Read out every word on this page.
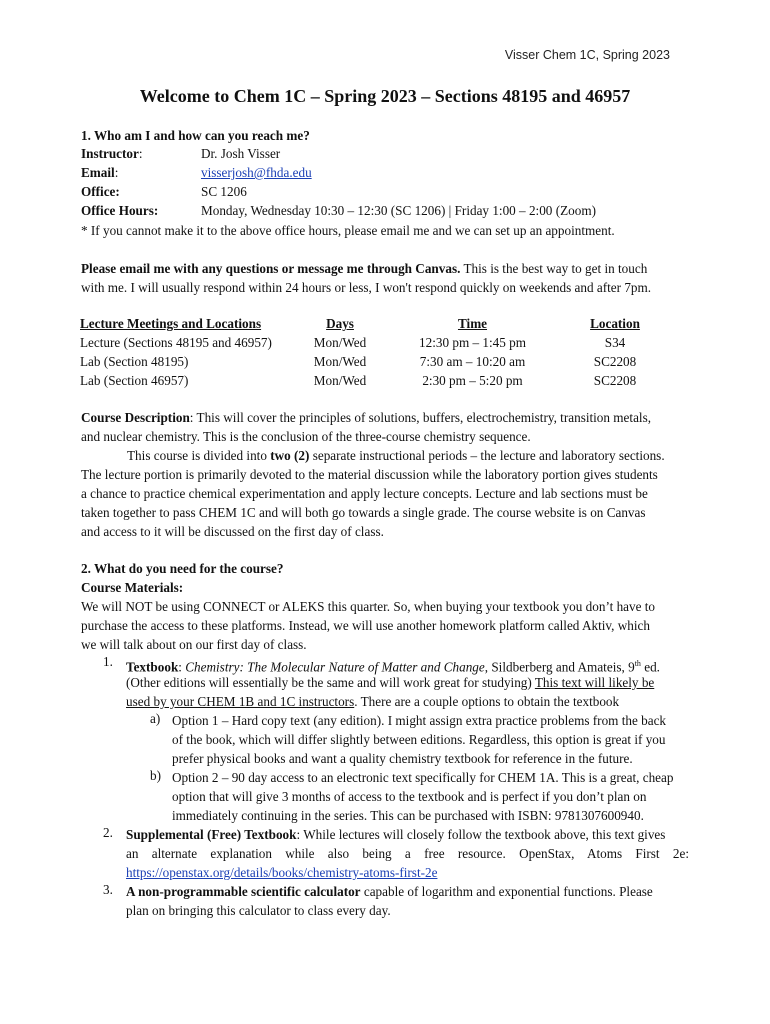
Visser Chem 1C, Spring 2023
Welcome to Chem 1C – Spring 2023 – Sections 48195 and 46957
1. Who am I and how can you reach me?
Instructor:	Dr. Josh Visser
Email:	visserjosh@fhda.edu
Office:	SC 1206
Office Hours:	Monday, Wednesday 10:30 – 12:30 (SC 1206) | Friday 1:00 – 2:00 (Zoom)
* If you cannot make it to the above office hours, please email me and we can set up an appointment.
Please email me with any questions or message me through Canvas. This is the best way to get in touch
with me. I will usually respond within 24 hours or less, I won't respond quickly on weekends and after 7pm.
Lecture Meetings and Locations	Days	Time	Location
Lecture (Sections 48195 and 46957)	Mon/Wed	12:30 pm – 1:45 pm	S34
Lab (Section 48195)	Mon/Wed	7:30 am – 10:20 am	SC2208
Lab (Section 46957)	Mon/Wed	2:30 pm – 5:20 pm	SC2208
Course Description: This will cover the principles of solutions, buffers, electrochemistry, transition metals,
and nuclear chemistry. This is the conclusion of the three-course chemistry sequence.
This course is divided into two (2) separate instructional periods – the lecture and laboratory sections.
The lecture portion is primarily devoted to the material discussion while the laboratory portion gives students
a chance to practice chemical experimentation and apply lecture concepts. Lecture and lab sections must be
taken together to pass CHEM 1C and will both go towards a single grade. The course website is on Canvas
and access to it will be discussed on the first day of class.
2. What do you need for the course?
Course Materials:
We will NOT be using CONNECT or ALEKS this quarter. So, when buying your textbook you don’t have to
purchase the access to these platforms. Instead, we will use another homework platform called Aktiv, which
we will talk about on our first day of class.
1. Textbook: Chemistry: The Molecular Nature of Matter and Change, Sildberberg and Amateis, 9th ed.
(Other editions will essentially be the same and will work great for studying) This text will likely be
used by your CHEM 1B and 1C instructors. There are a couple options to obtain the textbook
a) Option 1 – Hard copy text (any edition). I might assign extra practice problems from the back
of the book, which will differ slightly between editions. Regardless, this option is great if you
prefer physical books and want a quality chemistry textbook for reference in the future.
b) Option 2 – 90 day access to an electronic text specifically for CHEM 1A. This is a great, cheap
option that will give 3 months of access to the textbook and is perfect if you don’t plan on
immediately continuing in the series. This can be purchased with ISBN: 9781307600940.
2. Supplemental (Free) Textbook: While lectures will closely follow the textbook above, this text gives
an alternate explanation while also being a free resource. OpenStax, Atoms First 2e:
https://openstax.org/details/books/chemistry-atoms-first-2e
3. A non-programmable scientific calculator capable of logarithm and exponential functions. Please
plan on bringing this calculator to class every day.
